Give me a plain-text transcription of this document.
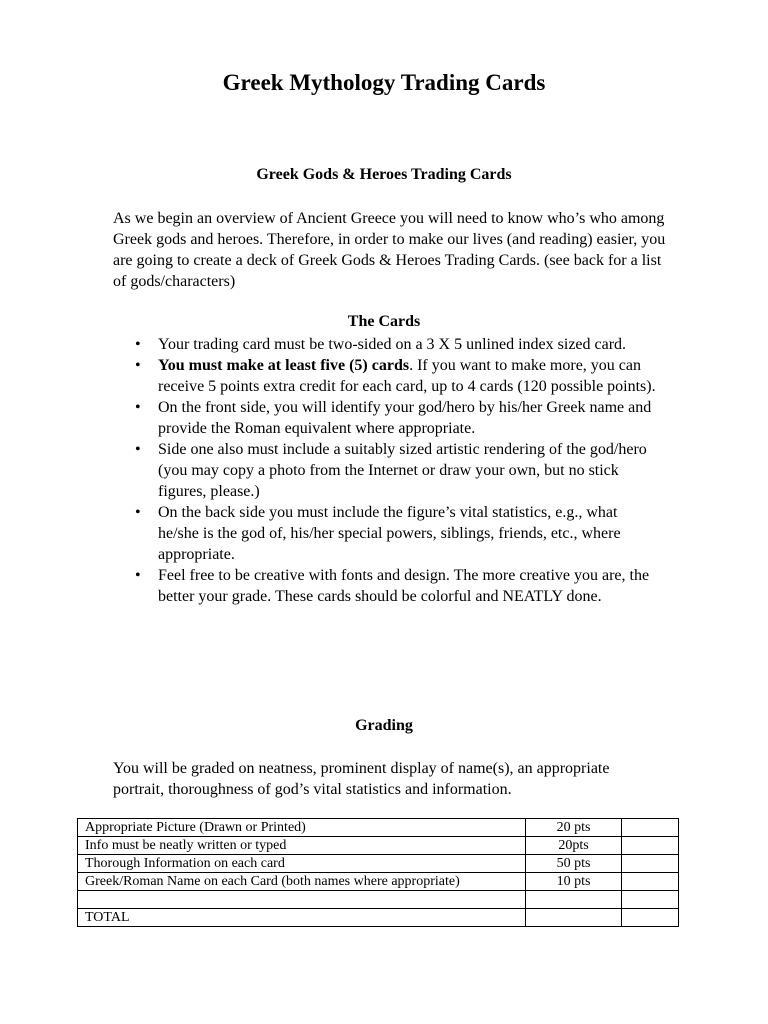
Greek Mythology Trading Cards
Greek Gods & Heroes Trading Cards

As we begin an overview of Ancient Greece you will need to know who’s who among Greek gods and heroes. Therefore, in order to make our lives (and reading) easier, you are going to create a deck of Greek Gods & Heroes Trading Cards. (see back for a list of gods/characters)

The Cards
• Your trading card must be two-sided on a 3 X 5 unlined index sized card.
• You must make at least five (5) cards. If you want to make more, you can receive 5 points extra credit for each card, up to 4 cards (120 possible points).
• On the front side, you will identify your god/hero by his/her Greek name and provide the Roman equivalent where appropriate.
• Side one also must include a suitably sized artistic rendering of the god/hero (you may copy a photo from the Internet or draw your own, but no stick figures, please.)
• On the back side you must include the figure’s vital statistics, e.g., what he/she is the god of, his/her special powers, siblings, friends, etc., where appropriate.
• Feel free to be creative with fonts and design. The more creative you are, the better your grade. These cards should be colorful and NEATLY done.
Grading

You will be graded on neatness, prominent display of name(s), an appropriate portrait, thoroughness of god’s vital statistics and information.

Appropriate Picture (Drawn or Printed)	20 pts	
Info must be neatly written or typed	20pts	
Thorough Information on each card	50 pts	
Greek/Roman Name on each Card (both names where appropriate)	10 pts	

TOTAL		
